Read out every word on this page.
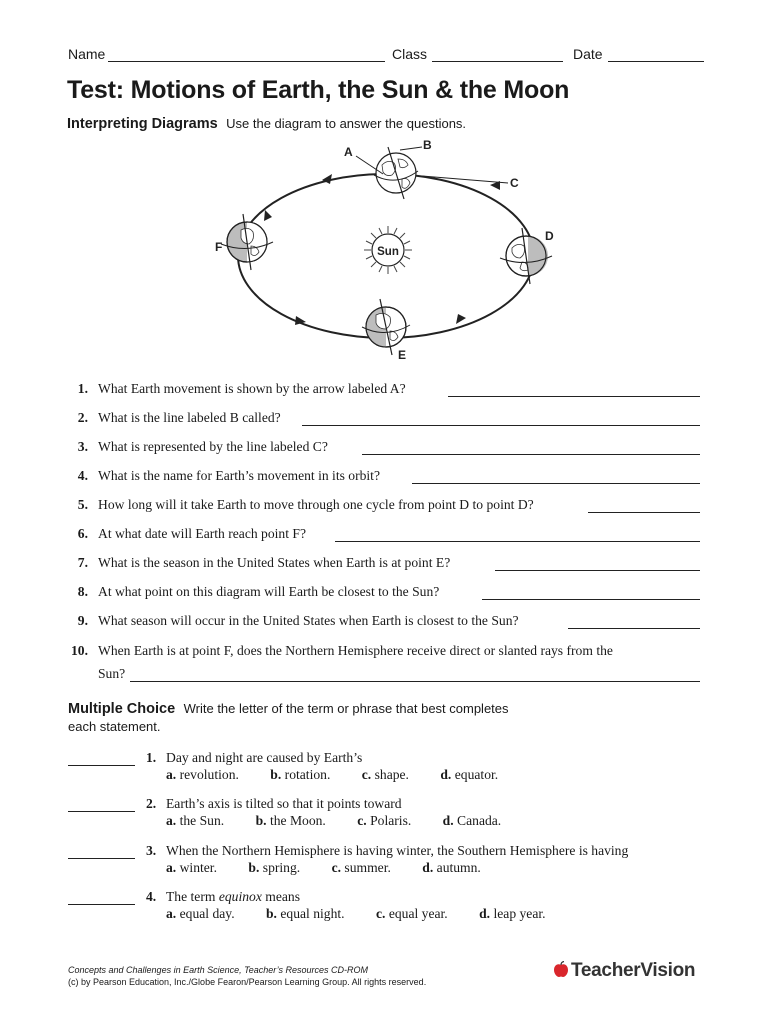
Name	Class	Date
Test: Motions of Earth, the Sun & the Moon
Interpreting Diagrams Use the diagram to answer the questions.
Sun
A	B
C
D
E
F
1. What Earth movement is shown by the arrow labeled A?
2. What is the line labeled B called?
3. What is represented by the line labeled C?
4. What is the name for Earth’s movement in its orbit?
5. How long will it take Earth to move through one cycle from point D to point D?
6. At what date will Earth reach point F?
7. What is the season in the United States when Earth is at point E?
8. At what point on this diagram will Earth be closest to the Sun?
9. What season will occur in the United States when Earth is closest to the Sun?
10. When Earth is at point F, does the Northern Hemisphere receive direct or slanted rays from the
Sun?
Multiple Choice Write the letter of the term or phrase that best completes
each statement.
1. Day and night are caused by Earth’s
a. revolution. b. rotation. c. shape. d. equator.
2. Earth’s axis is tilted so that it points toward
a. the Sun. b. the Moon. c. Polaris. d. Canada.
3. When the Northern Hemisphere is having winter, the Southern Hemisphere is having
a. winter. b. spring. c. summer. d. autumn.
4. The term equinox means
a. equal day. b. equal night. c. equal year. d. leap year.
Concepts and Challenges in Earth Science, Teacher’s Resources CD-ROM
(c) by Pearson Education, Inc./Globe Fearon/Pearson Learning Group. All rights reserved.
TeacherVision
